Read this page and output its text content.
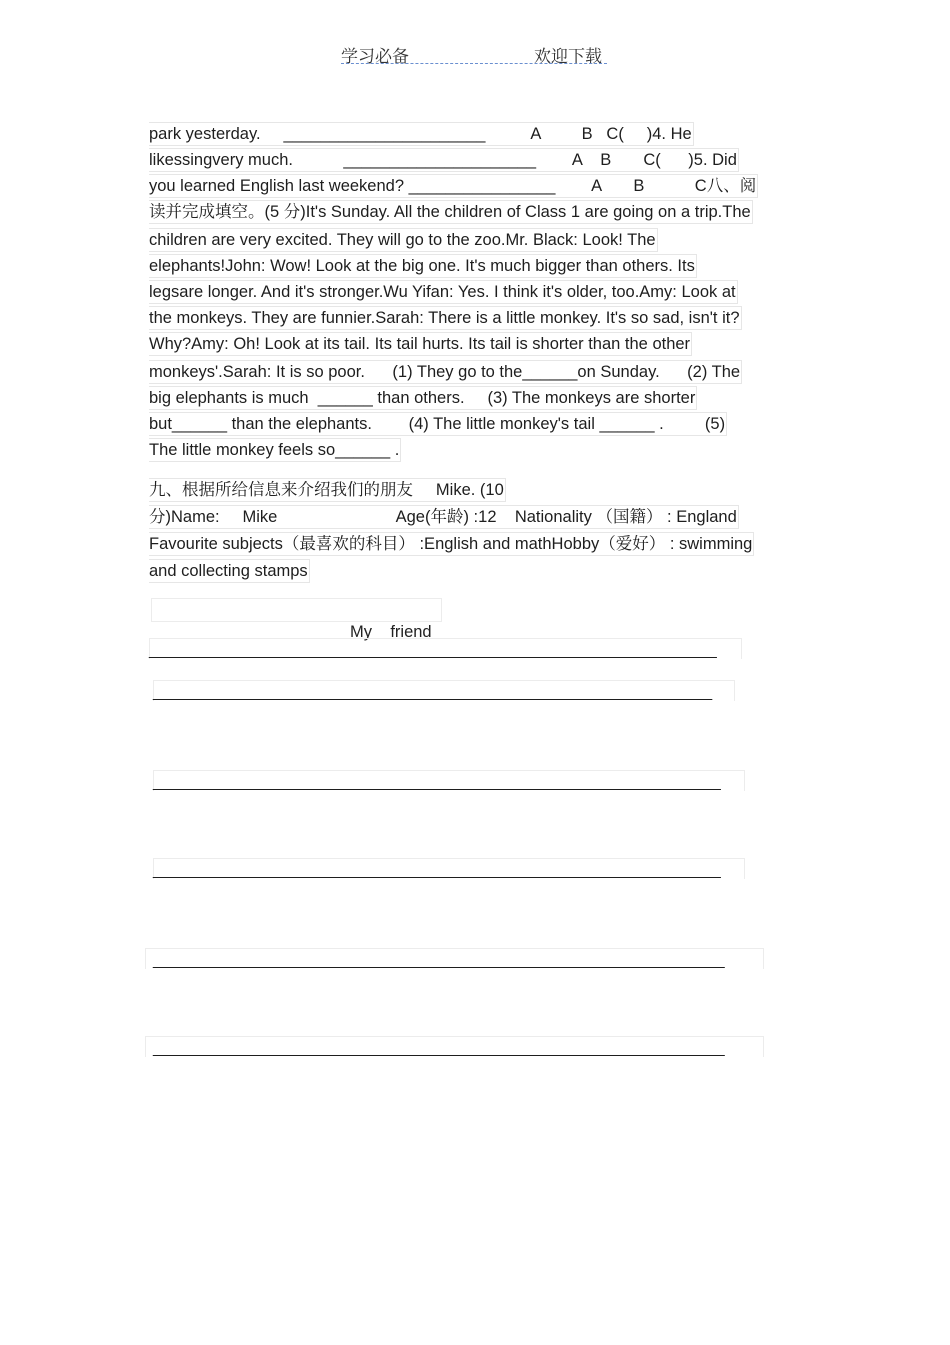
学习必备	欢迎下载
park yesterday.     ______________________          A         B   C(     )4. He
likessingvery much.           _____________________        A    B       C(      )5. Did
you learned English last weekend? ________________        A       B           C八、阅
读并完成填空。(5 分)It's Sunday. All the children of Class 1 are going on a trip.The
children are very excited. They will go to the zoo.Mr. Black: Look! The
elephants!John: Wow! Look at the big one. It's much bigger than others. Its
legsare longer. And it's stronger.Wu Yifan: Yes. I think it's older, too.Amy: Look at
the monkeys. They are funnier.Sarah: There is a little monkey. It's so sad, isn't it?
Why?Amy: Oh! Look at its tail. Its tail hurts. Its tail is shorter than the other
monkeys'.Sarah: It is so poor.      (1) They go to the______on Sunday.      (2) The
big elephants is much  ______ than others.     (3) The monkeys are shorter
but______ than the elephants.        (4) The little monkey's tail ______ .         (5)
The little monkey feels so______ .
九、根据所给信息来介绍我们的朋友     Mike. (10
分)Name:     Mike                          Age(年龄) :12    Nationality （国籍） : England
Favourite subjects（最喜欢的科目） :English and mathHobby（爱好） : swimming
and collecting stamps

My    friend

__________________________________________________________________
_________________________________________________________________
__________________________________________________________________
__________________________________________________________________
____________________________________________________________________
____________________________________________________________________
